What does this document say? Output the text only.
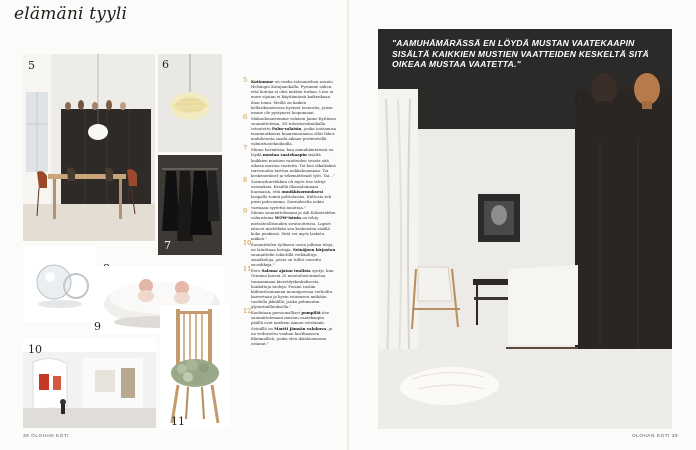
elämäni tyyli
5	6
7
9
10
11

5 Kotiomme on vanha talonmiehen asunto Helsingin Katajanokalla. Pyrimme siihen, että kotona ei olisi mitään turhaa. Lese ia more sijatan ei käyttämässä kaikenkaan ihan toimi. Meillä on kaiken kellarikomerossa hyvissä tavaroita, joista emme ole pystyneet luopumaan.

6 Makuuhuoneemme valaisin Janne Kyttäsen suunnittelema, 3D-tulostustekniikalla toteutettu Palm-valaisin, jonka toistamisa monimutkaista huonemuunaisa ollut lähes mahdotonta saada aikaan perinteisillä valmistustekniikoilla.

7 Minua harmittaa, kun aamuhämärässä en löydä mustan vaatekaapin sisältä kaikkien mustien vaatteiden seasta sitä oikeaa mustaa vaatetta. Tai kun olkaläskeä tarvosuuhu tarttuu nukkahuomaan. Tai keskeneräiset ja tekemättömät työt. Tai..."

8 Sormushurttikkini oli myös itse tehtyt sormuksia. Kesällä illansuloinaani huomasin, että onnikkisormuksesi lasipallo toimii polttolasina. Kiiltosta tuli pieni palovamma. Sormukselia onkin varmaan syytettä muuttaa."

9 Minun suunnittelemani ja Adi Kahatvalden valmistama WOW-istuin on tehty metsäteollisuuden sivutuotteista. Lapset istuvat mielellään sen keskeisten sisällä koko penkissä. Siitä voi myös lasketa mäkeä."

10 Suunnittelen työkseni usein julkisia tiloja, en lainittaan kotiaja. Seinäjoen kirjaston suunnittelin tokiotillä verkkoltoja seinäkoloja, joista on tullut suosittu suosikkeja."

11 Eero Saloma ajaton tuolista syntyi, kun Ornamo kutsui 20 muotoilustoimistoa tuunaamaan kierrätyskeskuksesta hankittuja tuoleja. Puisiin tuoliin kiilitarilosmaman muunipovuaa verhoiltu kaivertaan ja hyvin istuimeen mitkään tuodulla jäkälillä, jonka pehmentin glyseriinilluoksella."

12 Koulutaan persoonalliset pompilät itse suunnittelemani mustan vaatekaapin päällä ovat mieheni Aimon veistämiä. Seinällä on Martti Jämsän valokuva, ja on vedostettu vanhan kuvilmassen filmimallisti, jonka olen ikäähuomossa ostanut."

38 OLOHAN KOTI
12
"AAMUHÄMÄRÄSSÄ EN LÖYDÄ MUSTAN VAATEKAAPIN SISÄLTÄ KAIKKIEN MUSTIEN VAATTEIDEN KESKELTÄ SITÄ OIKEAA MUSTAA VAATETTA."
OLOHAN KOTI 39
